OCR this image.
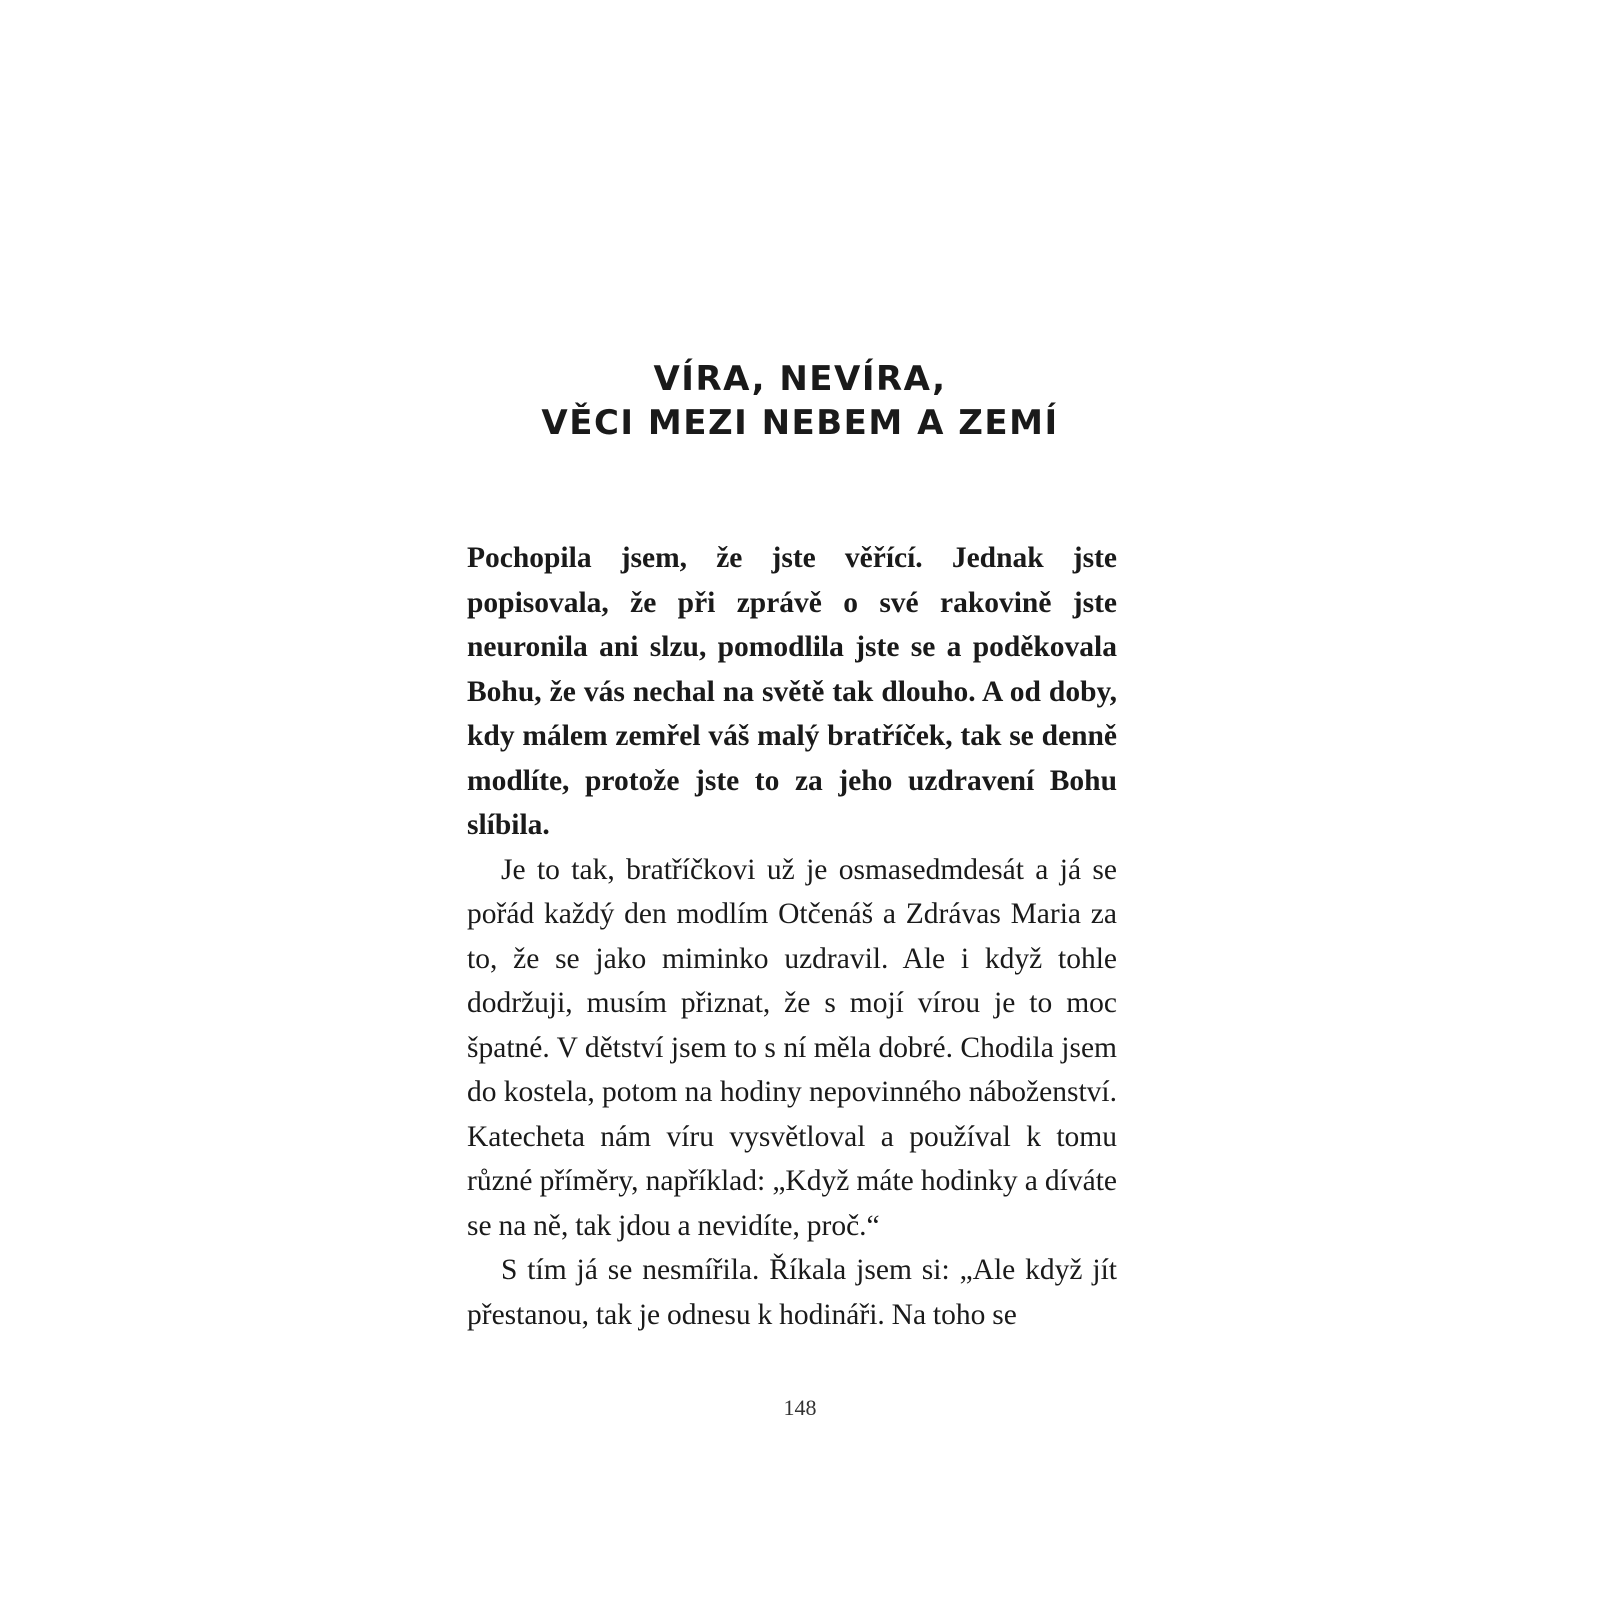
VÍRA, NEVÍRA,
VĚCI MEZI NEBEM A ZEMÍ

Pochopila jsem, že jste věřící. Jednak jste popisovala, že při zprávě o své rakovině jste neuronila ani slzu, pomodlila jste se a poděkovala Bohu, že vás nechal na světě tak dlouho. A od doby, kdy málem zemřel váš malý bratříček, tak se denně modlíte, protože jste to za jeho uzdravení Bohu slíbila.

Je to tak, bratříčkovi už je osmasedmdesát a já se pořád každý den modlím Otčenáš a Zdrávas Maria za to, že se jako miminko uzdravil. Ale i když tohle dodržuji, musím přiznat, že s mojí vírou je to moc špatné. V dětství jsem to s ní měla dobré. Chodila jsem do kostela, potom na hodiny nepovinného náboženství. Katecheta nám víru vysvětloval a používal k tomu různé příměry, například: „Když máte hodinky a díváte se na ně, tak jdou a nevidíte, proč.“

S tím já se nesmířila. Říkala jsem si: „Ale když jít přestanou, tak je odnesu k hodináři. Na toho se

148
